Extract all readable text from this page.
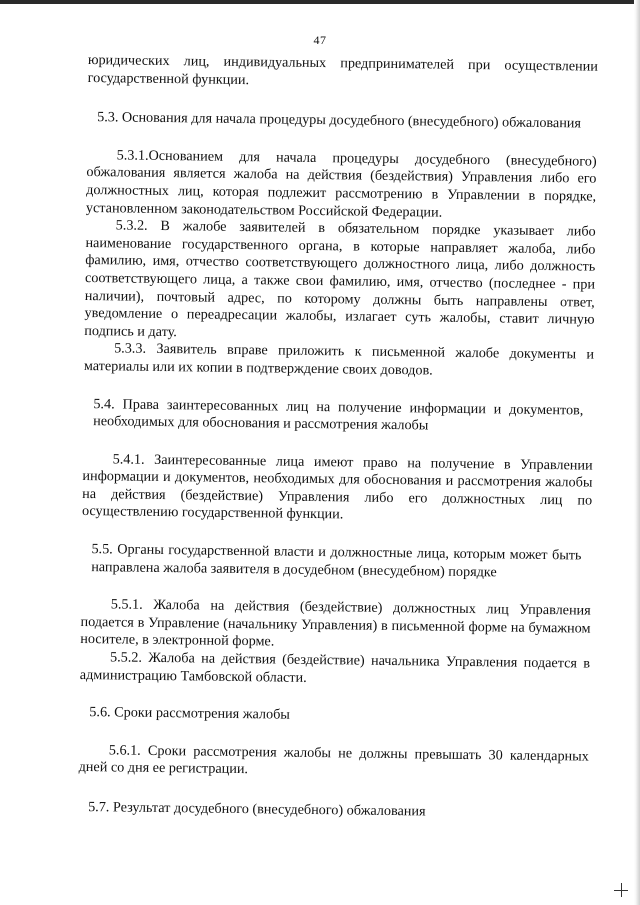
47

юридических лиц, индивидуальных предпринимателей при осуществлении государственной функции.

5.3. Основания для начала процедуры досудебного (внесудебного) обжалования

5.3.1.Основанием для начала процедуры досудебного (внесудебного) обжалования является жалоба на действия (бездействия) Управления либо его должностных лиц, которая подлежит рассмотрению в Управлении в порядке, установленном законодательством Российской Федерации.

5.3.2. В жалобе заявителей в обязательном порядке указывает либо наименование государственного органа, в которые направляет жалоба, либо фамилию, имя, отчество соответствующего должностного лица, либо должность соответствующего лица, а также свои фамилию, имя, отчество (последнее - при наличии), почтовый адрес, по которому должны быть направлены ответ, уведомление о переадресации жалобы, излагает суть жалобы, ставит личную подпись и дату.

5.3.3. Заявитель вправе приложить к письменной жалобе документы и материалы или их копии в подтверждение своих доводов.

5.4. Права заинтересованных лиц на получение информации и документов, необходимых для обоснования и рассмотрения жалобы

5.4.1. Заинтересованные лица имеют право на получение в Управлении информации и документов, необходимых для обоснования и рассмотрения жалобы на действия (бездействие) Управления либо его должностных лиц по осуществлению государственной функции.

5.5. Органы государственной власти и должностные лица, которым может быть направлена жалоба заявителя в досудебном (внесудебном) порядке

5.5.1. Жалоба на действия (бездействие) должностных лиц Управления подается в Управление (начальнику Управления) в письменной форме на бумажном носителе, в электронной форме.

5.5.2. Жалоба на действия (бездействие) начальника Управления подается в администрацию Тамбовской области.

5.6. Сроки рассмотрения жалобы

5.6.1. Сроки рассмотрения жалобы не должны превышать 30 календарных дней со дня ее регистрации.

5.7. Результат досудебного (внесудебного) обжалования
